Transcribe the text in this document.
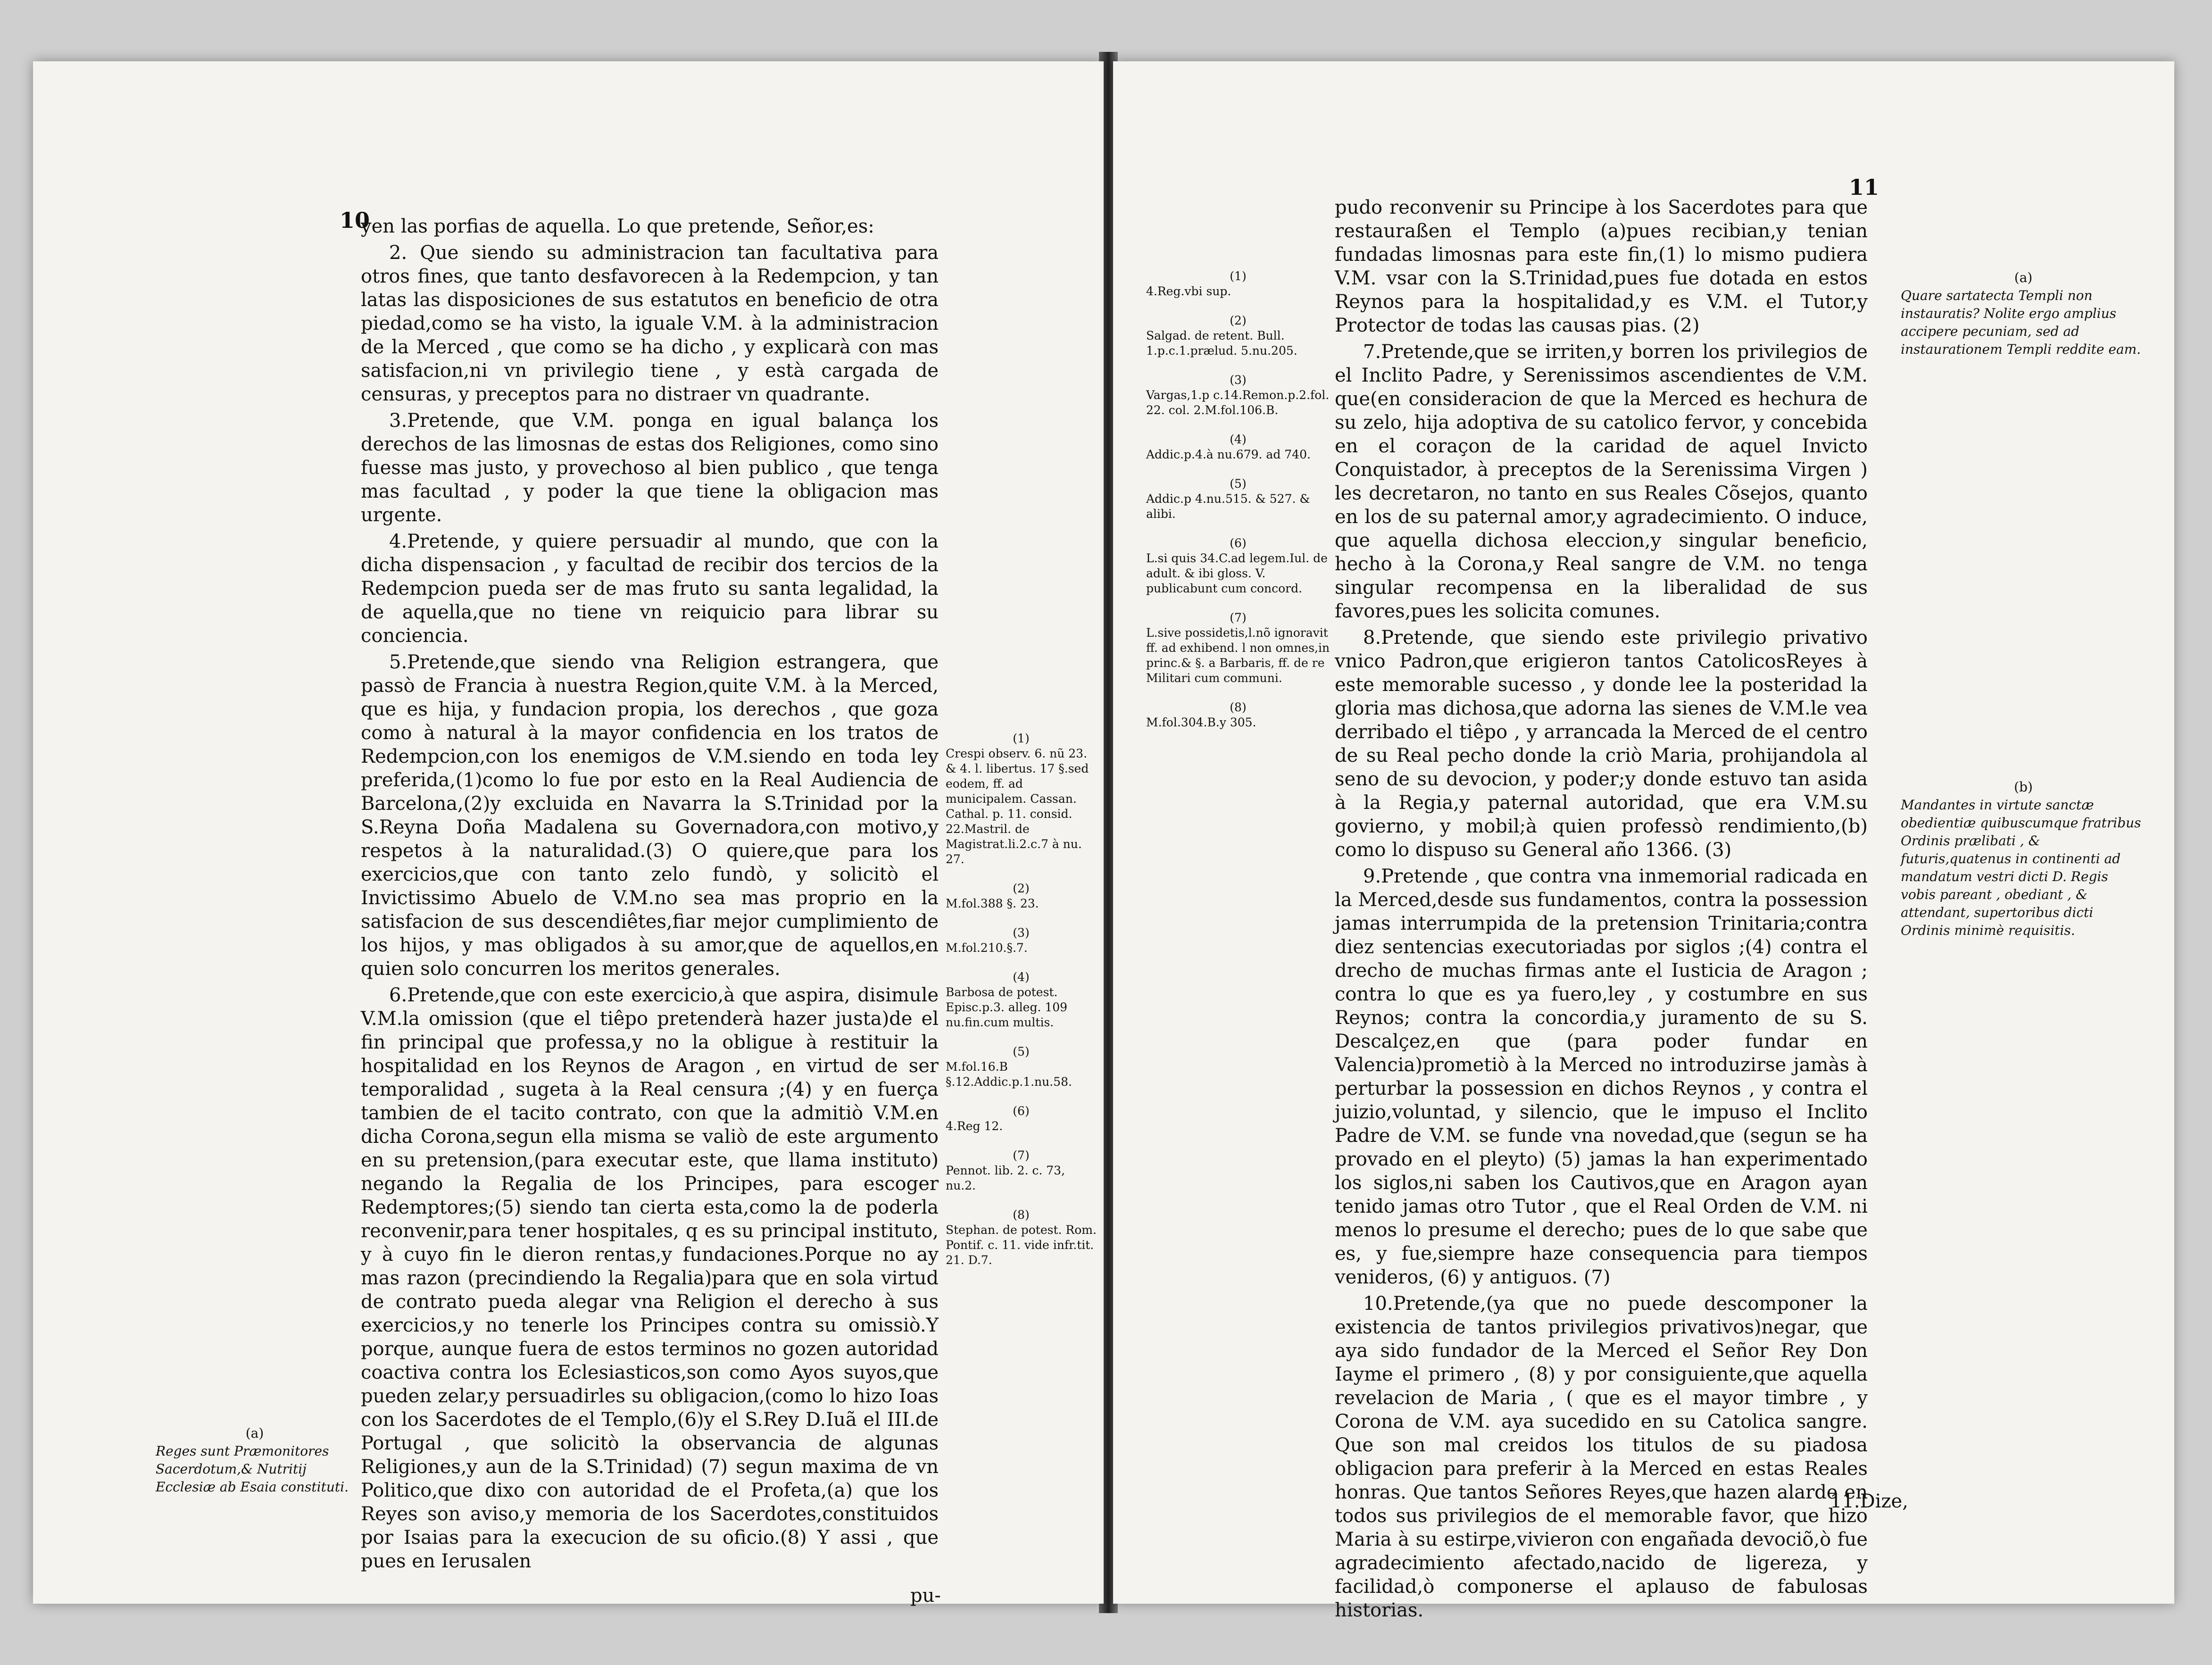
10

yen las porfias de aquella. Lo que pretende, Señor,es:

2. Que siendo su administracion tan facultativa para otros fines, que tanto desfavorecen à la Redempcion, y tan latas las disposiciones de sus estatutos en beneficio de otra piedad,como se ha visto, la iguale V.M. à la administracion de la Merced , que como se ha dicho , y explicarà con mas satisfacion,ni vn privilegio tiene , y està cargada de censuras, y preceptos para no distraer vn quadrante.

3.Pretende, que V.M. ponga en igual balança los derechos de las limosnas de estas dos Religiones, como sino fuesse mas justo, y provechoso al bien publico , que tenga mas facultad , y poder la que tiene la obligacion mas urgente.

4.Pretende, y quiere persuadir al mundo, que con la dicha dispensacion , y facultad de recibir dos tercios de la Redempcion pueda ser de mas fruto su santa legalidad, la de aquella,que no tiene vn reiquicio para librar su conciencia.

5.Pretende,que siendo vna Religion estrangera, que passò de Francia à nuestra Region,quite V.M. à la Merced, que es hija, y fundacion propia, los derechos , que goza como à natural à la mayor confidencia en los tratos de Redempcion,con los enemigos de V.M.siendo en toda ley preferida,(1)como lo fue por esto en la Real Audiencia de Barcelona,(2)y excluida en Navarra la S.Trinidad por la S.Reyna Doña Madalena su Governadora,con motivo,y respetos à la naturalidad.(3) O quiere,que para los exercicios,que con tanto zelo fundò, y solicitò el Invictissimo Abuelo de V.M.no sea mas proprio en la satisfacion de sus descendiêtes,fiar mejor cumplimiento de los hijos, y mas obligados à su amor,que de aquellos,en quien solo concurren los meritos generales.

6.Pretende,que con este exercicio,à que aspira, disimule V.M.la omission (que el tiêpo pretenderà hazer justa)de el fin principal que professa,y no la obligue à restituir la hospitalidad en los Reynos de Aragon , en virtud de ser temporalidad , sugeta à la Real censura ;(4) y en fuerça tambien de el tacito contrato, con que la admitiò V.M.en dicha Corona,segun ella misma se valiò de este argumento en su pretension,(para executar este, que llama instituto) negando la Regalia de los Principes, para escoger Redemptores;(5) siendo tan cierta esta,como la de poderla reconvenir,para tener hospitales, q es su principal instituto, y à cuyo fin le dieron rentas,y fundaciones.Porque no ay mas razon (precindiendo la Regalia)para que en sola virtud de contrato pueda alegar vna Religion el derecho à sus exercicios,y no tenerle los Principes contra su omissiò.Y porque, aunque fuera de estos terminos no gozen autoridad coactiva contra los Eclesiasticos,son como Ayos suyos,que pueden zelar,y persuadirles su obligacion,(como lo hizo Ioas con los Sacerdotes de el Templo,(6)y el S.Rey D.Iuã el III.de Portugal , que solicitò la observancia de algunas Religiones,y aun de la S.Trinidad) (7) segun maxima de vn Politico,que dixo con autoridad de el Profeta,(a) que los Reyes son aviso,y memoria de los Sacerdotes,constituidos por Isaias para la execucion de su oficio.(8) Y assi , que pues en Ierusalen

(1)
Crespi observ. 6. nũ 23. & 4. l. libertus. 17 §.sed eodem, ff. ad municipalem. Cassan. Cathal. p. 11. consid. 22.Mastril. de Magistrat.li.2.c.7 à nu. 27.
(2)
M.fol.388 §. 23.
(3)
M.fol.210.§.7.
(4)
Barbosa de potest. Episc.p.3. alleg. 109 nu.fin.cum multis.
(5)
M.fol.16.B §.12.Addic.p.1.nu.58.
(6)
4.Reg 12.
(7)
Pennot. lib. 2. c. 73, nu.2.
(8)
Stephan. de potest. Rom. Pontif. c. 11. vide infr.tit. 21. D.7.
(a)
Reges sunt Præmonitores Sacerdotum,& Nutritij Ecclesiæ ab Esaia constituti.
pu-
11
(1)
4.Reg.vbi sup.
(2)
Salgad. de retent. Bull. 1.p.c.1.prælud. 5.nu.205.
(3)
Vargas,1.p c.14.Remon.p.2.fol. 22. col. 2.M.fol.106.B.
(4)
Addic.p.4.à nu.679. ad 740.
(5)
Addic.p 4.nu.515. & 527. & alibi.
(6)
L.si quis 34.C.ad legem.Iul. de adult. & ibi gloss. V. publicabunt cum concord.
(7)
L.sive possidetis,l.nõ ignoravit ff. ad exhibend. l non omnes,in princ.& §. a Barbaris, ff. de re Militari cum communi.
(8)
M.fol.304.B.y 305.

pudo reconvenir su Principe à los Sacerdotes para que restauraßen el Templo (a)pues recibian,y tenian fundadas limosnas para este fin,(1) lo mismo pudiera V.M. vsar con la S.Trinidad,pues fue dotada en estos Reynos para la hospitalidad,y es V.M. el Tutor,y Protector de todas las causas pias. (2)

7.Pretende,que se irriten,y borren los privilegios de el Inclito Padre, y Serenissimos ascendientes de V.M. que(en consideracion de que la Merced es hechura de su zelo, hija adoptiva de su catolico fervor, y concebida en el coraçon de la caridad de aquel Invicto Conquistador, à preceptos de la Serenissima Virgen ) les decretaron, no tanto en sus Reales Cõsejos, quanto en los de su paternal amor,y agradecimiento. O induce, que aquella dichosa eleccion,y singular beneficio, hecho à la Corona,y Real sangre de V.M. no tenga singular recompensa en la liberalidad de sus favores,pues les solicita comunes.

8.Pretende, que siendo este privilegio privativo vnico Padron,que erigieron tantos CatolicosReyes à este memorable sucesso , y donde lee la posteridad la gloria mas dichosa,que adorna las sienes de V.M.le vea derribado el tiêpo , y arrancada la Merced de el centro de su Real pecho donde la criò Maria, prohijandola al seno de su devocion, y poder;y donde estuvo tan asida à la Regia,y paternal autoridad, que era V.M.su govierno, y mobil;à quien professò rendimiento,(b) como lo dispuso su General año 1366. (3)

9.Pretende , que contra vna inmemorial radicada en la Merced,desde sus fundamentos, contra la possession jamas interrumpida de la pretension Trinitaria;contra diez sentencias executoriadas por siglos ;(4) contra el drecho de muchas firmas ante el Iusticia de Aragon ; contra lo que es ya fuero,ley , y costumbre en sus Reynos; contra la concordia,y juramento de su S. Descalçez,en que (para poder fundar en Valencia)prometiò à la Merced no introduzirse jamàs à perturbar la possession en dichos Reynos , y contra el juizio,voluntad, y silencio, que le impuso el Inclito Padre de V.M. se funde vna novedad,que (segun se ha provado en el pleyto) (5) jamas la han experimentado los siglos,ni saben los Cautivos,que en Aragon ayan tenido jamas otro Tutor , que el Real Orden de V.M. ni menos lo presume el derecho; pues de lo que sabe que es, y fue,siempre haze consequencia para tiempos venideros, (6) y antiguos. (7)

10.Pretende,(ya que no puede descomponer la existencia de tantos privilegios privativos)negar, que aya sido fundador de la Merced el Señor Rey Don Iayme el primero , (8) y por consiguiente,que aquella revelacion de Maria , ( que es el mayor timbre , y Corona de V.M. aya sucedido en su Catolica sangre. Que son mal creidos los titulos de su piadosa obligacion para preferir à la Merced en estas Reales honras. Que tantos Señores Reyes,que hazen alarde en todos sus privilegios de el memorable favor, que hizo Maria à su estirpe,vivieron con engañada devociõ,ò fue agradecimiento afectado,nacido de ligereza, y facilidad,ò componerse el aplauso de fabulosas historias.

(a)
Quare sartatecta Templi non instauratis? Nolite ergo amplius accipere pecuniam, sed ad instaurationem Templi reddite eam.
(b)
Mandantes in virtute sanctæ obedientiæ quibuscumque fratribus Ordinis prælibati , & futuris,quatenus in continenti ad mandatum vestri dicti D. Regis vobis pareant , obediant , & attendant, supertoribus dicti Ordinis minimè requisitis.
11.Dize,
